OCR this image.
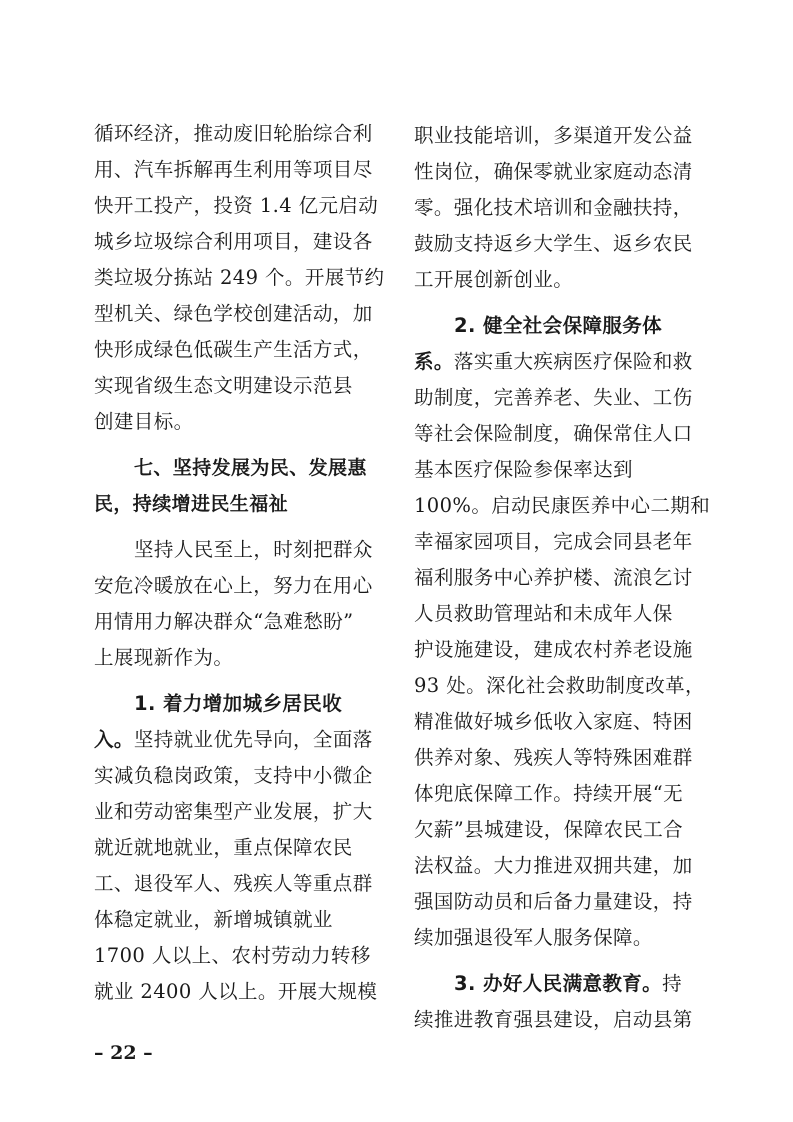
循环经济，推动废旧轮胎综合利
用、汽车拆解再生利用等项目尽
快开工投产，投资 1.4 亿元启动
城乡垃圾综合利用项目，建设各
类垃圾分拣站 249 个。开展节约
型机关、绿色学校创建活动，加
快形成绿色低碳生产生活方式，
实现省级生态文明建设示范县
创建目标。
七、坚持发展为民、发展惠
民，持续增进民生福祉
坚持人民至上，时刻把群众
安危冷暖放在心上，努力在用心
用情用力解决群众“急难愁盼”
上展现新作为。
1. 着力增加城乡居民收
入。坚持就业优先导向，全面落
实减负稳岗政策，支持中小微企
业和劳动密集型产业发展，扩大
就近就地就业，重点保障农民
工、退役军人、残疾人等重点群
体稳定就业，新增城镇就业
1700 人以上、农村劳动力转移
就业 2400 人以上。开展大规模
职业技能培训，多渠道开发公益
性岗位，确保零就业家庭动态清
零。强化技术培训和金融扶持，
鼓励支持返乡大学生、返乡农民
工开展创新创业。
2. 健全社会保障服务体
系。落实重大疾病医疗保险和救
助制度，完善养老、失业、工伤
等社会保险制度，确保常住人口
基本医疗保险参保率达到
100%。启动民康医养中心二期和
幸福家园项目，完成会同县老年
福利服务中心养护楼、流浪乞讨
人员救助管理站和未成年人保
护设施建设，建成农村养老设施
93 处。深化社会救助制度改革，
精准做好城乡低收入家庭、特困
供养对象、残疾人等特殊困难群
体兜底保障工作。持续开展“无
欠薪”县城建设，保障农民工合
法权益。大力推进双拥共建，加
强国防动员和后备力量建设，持
续加强退役军人服务保障。
3. 办好人民满意教育。持
续推进教育强县建设，启动县第
– 22 –
